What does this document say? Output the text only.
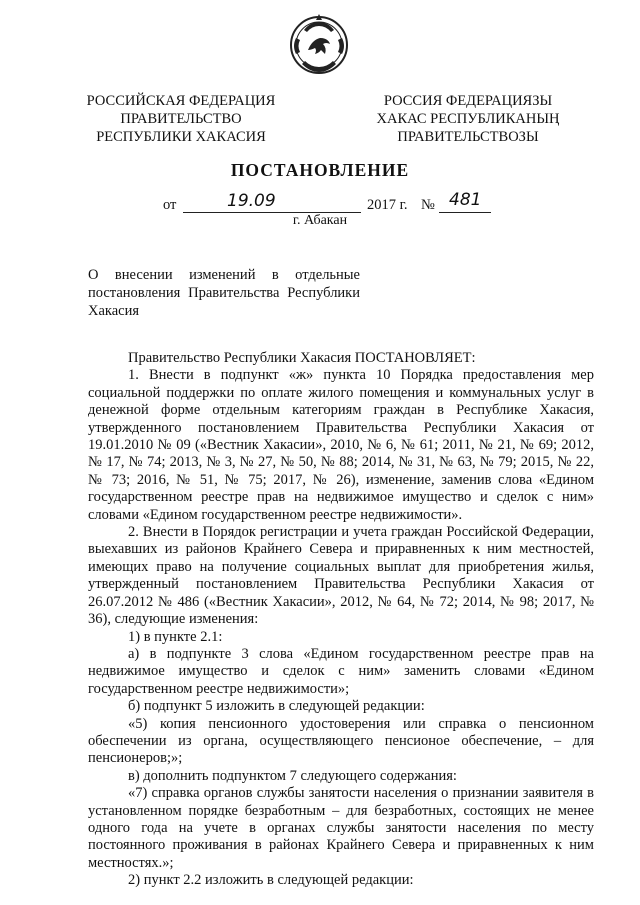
РОССИЙСКАЯ ФЕДЕРАЦИЯ
ПРАВИТЕЛЬСТВО
РЕСПУБЛИКИ ХАКАСИЯ
РОССИЯ ФЕДЕРАЦИЯЗЫ
ХАКАС РЕСПУБЛИКАНЫҢ
ПРАВИТЕЛЬСТВОЗЫ
ПОСТАНОВЛЕНИЕ
от	19.09	2017 г. № 481
г. Абакан
О внесении изменений в отдельные постановления Правительства Республики Хакасия

Правительство Республики Хакасия ПОСТАНОВЛЯЕТ:

1. Внести в подпункт «ж» пункта 10 Порядка предоставления мер социальной поддержки по оплате жилого помещения и коммунальных услуг в денежной форме отдельным категориям граждан в Республике Хакасия, утвержденного постановлением Правительства Республики Хакасия от 19.01.2010 № 09 («Вестник Хакасии», 2010, № 6, № 61; 2011, № 21, № 69; 2012, № 17, № 74; 2013, № 3, № 27, № 50, № 88; 2014, № 31, № 63, № 79; 2015, № 22, № 73; 2016, № 51, № 75; 2017, № 26), изменение, заменив слова «Едином государственном реестре прав на недвижимое имущество и сделок с ним» словами «Едином государственном реестре недвижимости».

2. Внести в Порядок регистрации и учета граждан Российской Федерации, выехавших из районов Крайнего Севера и приравненных к ним местностей, имеющих право на получение социальных выплат для приобретения жилья, утвержденный постановлением Правительства Республики Хакасия от 26.07.2012 № 486 («Вестник Хакасии», 2012, № 64, № 72; 2014, № 98; 2017, № 36), следующие изменения:

1) в пункте 2.1:

а) в подпункте 3 слова «Едином государственном реестре прав на недвижимое имущество и сделок с ним» заменить словами «Едином государственном реестре недвижимости»;

б) подпункт 5 изложить в следующей редакции:

«5) копия пенсионного удостоверения или справка о пенсионном обеспечении из органа, осуществляющего пенсионое обеспечение, – для пенсионеров;»;

в) дополнить подпунктом 7 следующего содержания:

«7) справка органов службы занятости населения о признании заявителя в установленном порядке безработным – для безработных, состоящих не менее одного года на учете в органах службы занятости населения по месту постоянного проживания в районах Крайнего Севера и приравненных к ним местностях.»;

2) пункт 2.2 изложить в следующей редакции:
